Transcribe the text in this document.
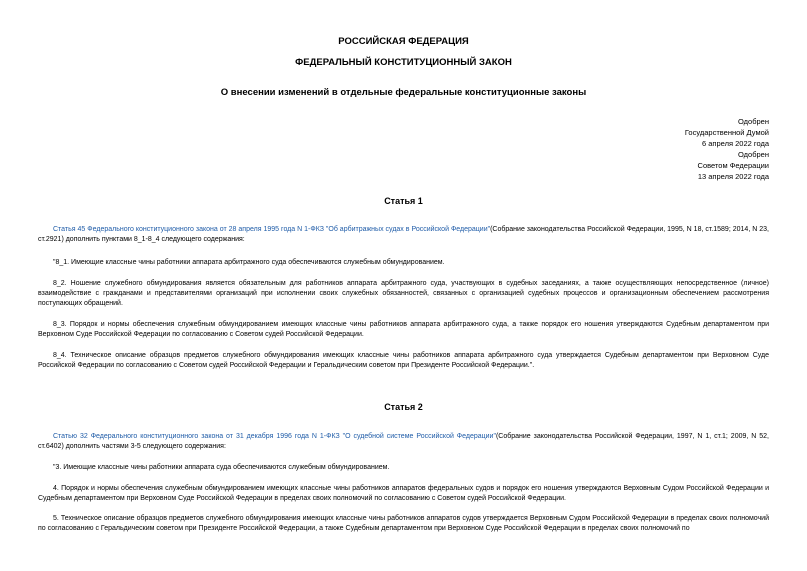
РОССИЙСКАЯ ФЕДЕРАЦИЯ
ФЕДЕРАЛЬНЫЙ КОНСТИТУЦИОННЫЙ ЗАКОН
О внесении изменений в отдельные федеральные конституционные законы
Одобрен
Государственной Думой
6 апреля 2022 года
Одобрен
Советом Федерации
13 апреля 2022 года
Статья 1
Статья 45 Федерального конституционного закона от 28 апреля 1995 года N 1-ФКЗ "Об арбитражных судах в Российской Федерации"(Собрание законодательства Российской Федерации, 1995, N 18, ст.1589; 2014, N 23, ст.2921) дополнить пунктами 8_1-8_4 следующего содержания:
"8_1. Имеющие классные чины работники аппарата арбитражного суда обеспечиваются служебным обмундированием.
8_2. Ношение служебного обмундирования является обязательным для работников аппарата арбитражного суда, участвующих в судебных заседаниях, а также осуществляющих непосредственное (личное) взаимодействие с гражданами и представителями организаций при исполнении своих служебных обязанностей, связанных с организацией судебных процессов и организационным обеспечением рассмотрения поступающих обращений.
8_3. Порядок и нормы обеспечения служебным обмундированием имеющих классные чины работников аппарата арбитражного суда, а также порядок его ношения утверждаются Судебным департаментом при Верховном Суде Российской Федерации по согласованию с Советом судей Российской Федерации.
8_4. Техническое описание образцов предметов служебного обмундирования имеющих классные чины работников аппарата арбитражного суда утверждается Судебным департаментом при Верховном Суде Российской Федерации по согласованию с Советом судей Российской Федерации и Геральдическим советом при Президенте Российской Федерации.".
Статья 2
Статью 32 Федерального конституционного закона от 31 декабря 1996 года N 1-ФКЗ "О судебной системе Российской Федерации"(Собрание законодательства Российской Федерации, 1997, N 1, ст.1; 2009, N 52, ст.6402) дополнить частями 3-5 следующего содержания:
"3. Имеющие классные чины работники аппарата суда обеспечиваются служебным обмундированием.
4. Порядок и нормы обеспечения служебным обмундированием имеющих классные чины работников аппаратов федеральных судов и порядок его ношения утверждаются Верховным Судом Российской Федерации и Судебным департаментом при Верховном Суде Российской Федерации в пределах своих полномочий по согласованию с Советом судей Российской Федерации.
5. Техническое описание образцов предметов служебного обмундирования имеющих классные чины работников аппаратов судов утверждается Верховным Судом Российской Федерации в пределах своих полномочий по согласованию с Геральдическим советом при Президенте Российской Федерации, а также Судебным департаментом при Верховном Суде Российской Федерации в пределах своих полномочий по
